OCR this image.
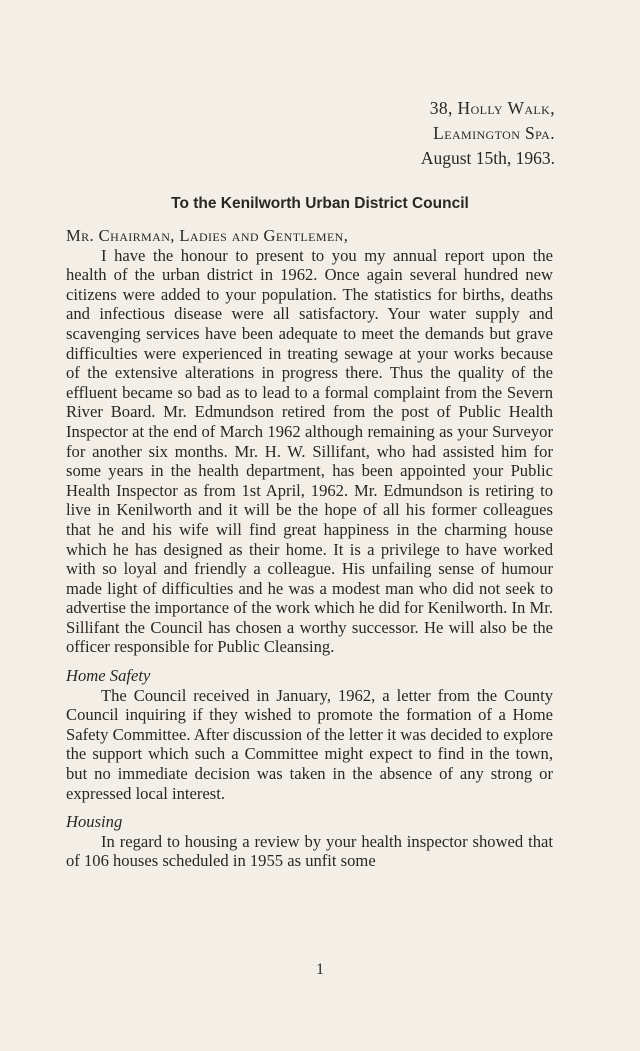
38, Holly Walk,
Leamington Spa.
August 15th, 1963.
To the Kenilworth Urban District Council

Mr. Chairman, Ladies and Gentlemen,

I have the honour to present to you my annual report upon the health of the urban district in 1962. Once again several hundred new citizens were added to your population. The statistics for births, deaths and infectious disease were all satisfactory. Your water supply and scavenging services have been adequate to meet the demands but grave difficulties were experienced in treating sewage at your works because of the extensive alterations in progress there. Thus the quality of the effluent became so bad as to lead to a formal complaint from the Severn River Board. Mr. Edmundson retired from the post of Public Health Inspector at the end of March 1962 although remaining as your Surveyor for another six months. Mr. H. W. Sillifant, who had assisted him for some years in the health department, has been appointed your Public Health Inspector as from 1st April, 1962. Mr. Edmundson is retiring to live in Kenilworth and it will be the hope of all his former colleagues that he and his wife will find great happiness in the charming house which he has designed as their home. It is a privilege to have worked with so loyal and friendly a colleague. His unfailing sense of humour made light of difficulties and he was a modest man who did not seek to advertise the importance of the work which he did for Kenilworth. In Mr. Sillifant the Council has chosen a worthy successor. He will also be the officer responsible for Public Cleansing.

Home Safety

The Council received in January, 1962, a letter from the County Council inquiring if they wished to promote the formation of a Home Safety Committee. After discussion of the letter it was decided to explore the support which such a Committee might expect to find in the town, but no immediate decision was taken in the absence of any strong or expressed local interest.

Housing

In regard to housing a review by your health inspector showed that of 106 houses scheduled in 1955 as unfit some

1
